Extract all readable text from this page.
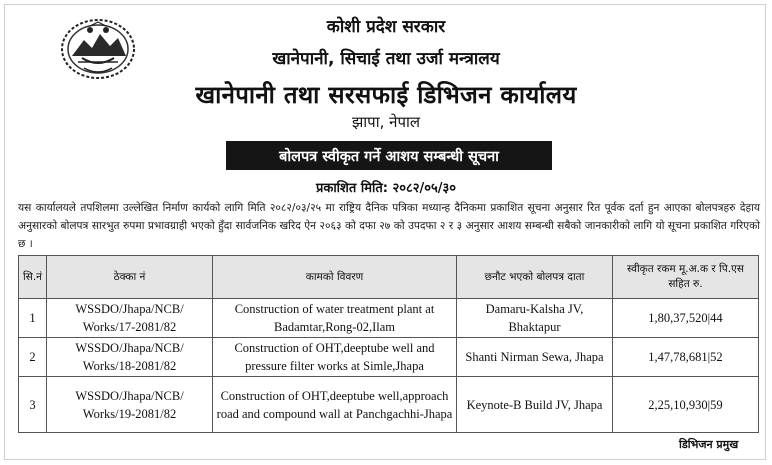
कोशी प्रदेश सरकार
खानेपानी, सिचाई तथा उर्जा मन्त्रालय
खानेपानी तथा सरसफाई डिभिजन कार्यालय
झापा, नेपाल
बोलपत्र स्वीकृत गर्ने आशय सम्बन्धी सूचना
प्रकाशित मिति: २०८२/०५/३०
यस कार्यालयले तपशिलमा उल्लेखित निर्माण कार्यको लागि मिति २०८२/०३/२५ मा राष्ट्रिय दैनिक पत्रिका मध्यान्ह दैनिकमा प्रकाशित सूचना अनुसार रित पूर्वक दर्ता हुन आएका बोलपत्रहरु देहाय अनुसारको बोलपत्र सारभुत रुपमा प्रभावग्राही भएको हुँदा सार्वजनिक खरिद ऐन २०६३ को दफा २७ को उपदफा २ र ३ अनुसार आशय सम्बन्धी सबैको जानकारीको लागि यो सूचना प्रकाशित गरिएको छ ।
सि.नं	ठेक्का नं	कामको विवरण	छनौट भएको बोलपत्र दाता	स्वीकृत रकम मू.अ.क र पि.एस सहित रु.
1	WSSDO/Jhapa/NCB/ Works/17-2081/82	Construction of water treatment plant at Badamtar,Rong-02,Ilam	Damaru-Kalsha JV, Bhaktapur	1,80,37,520|44
2	WSSDO/Jhapa/NCB/ Works/18-2081/82	Construction of OHT,deeptube well and pressure filter works at Simle,Jhapa	Shanti Nirman Sewa, Jhapa	1,47,78,681|52
3	WSSDO/Jhapa/NCB/ Works/19-2081/82	Construction of OHT,deeptube well,approach road and compound wall at Panchgachhi-Jhapa	Keynote-B Build JV, Jhapa	2,25,10,930|59
डिभिजन प्रमुख
